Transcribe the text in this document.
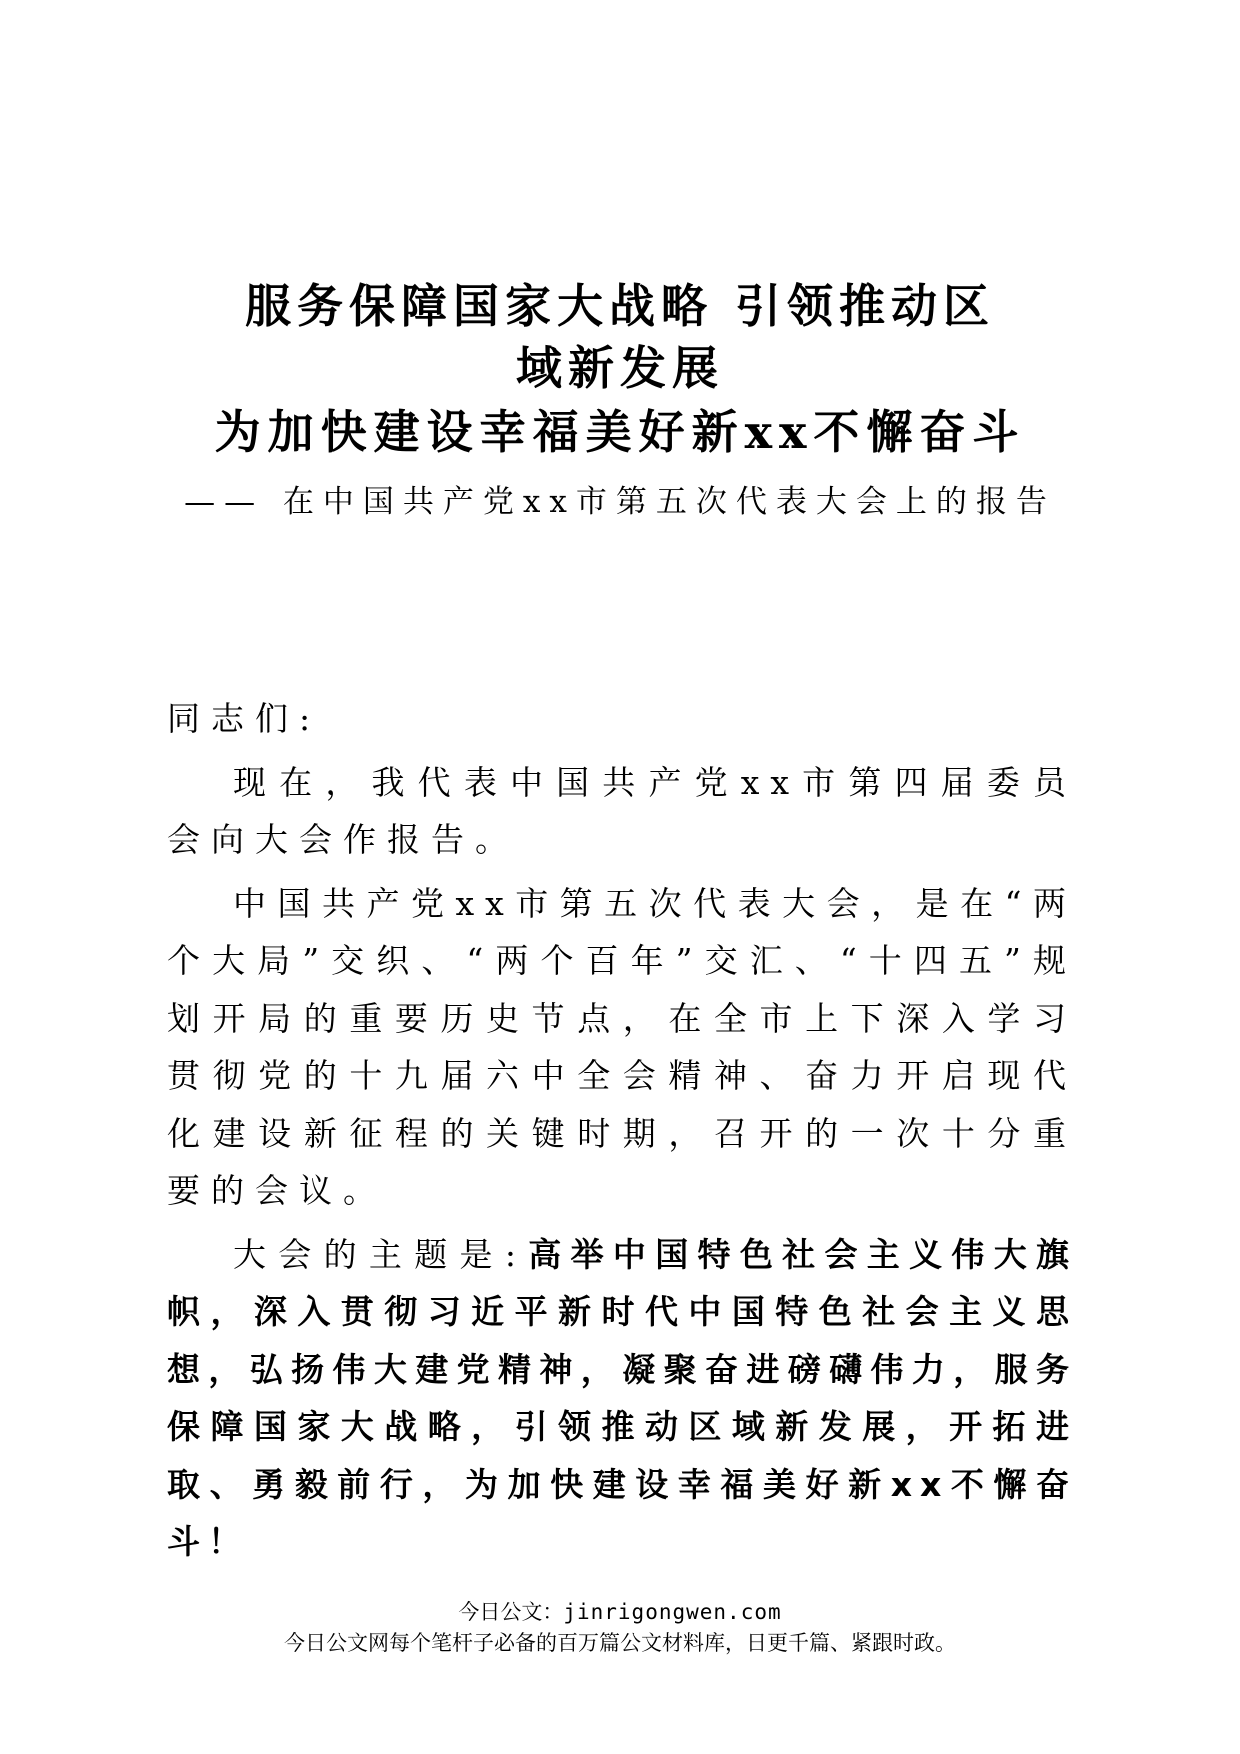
服务保障国家大战略 引领推动区
域新发展
为加快建设幸福美好新xx不懈奋斗
—— 在中国共产党xx市第五次代表大会上的报告

同志们:

现在，我代表中国共产党xx市第四届委员会向大会作报告。

中国共产党xx市第五次代表大会，是在“两个大局”交织、“两个百年”交汇、“十四五”规划开局的重要历史节点，在全市上下深入学习贯彻党的十九届六中全会精神、奋力开启现代化建设新征程的关键时期，召开的一次十分重要的会议。

大会的主题是:高举中国特色社会主义伟大旗帜，深入贯彻习近平新时代中国特色社会主义思想，弘扬伟大建党精神，凝聚奋进磅礴伟力，服务保障国家大战略，引领推动区域新发展，开拓进取、勇毅前行，为加快建设幸福美好新xx不懈奋斗！

今日公文：jinrigongwen.com
今日公文网每个笔杆子必备的百万篇公文材料库，日更千篇、紧跟时政。
